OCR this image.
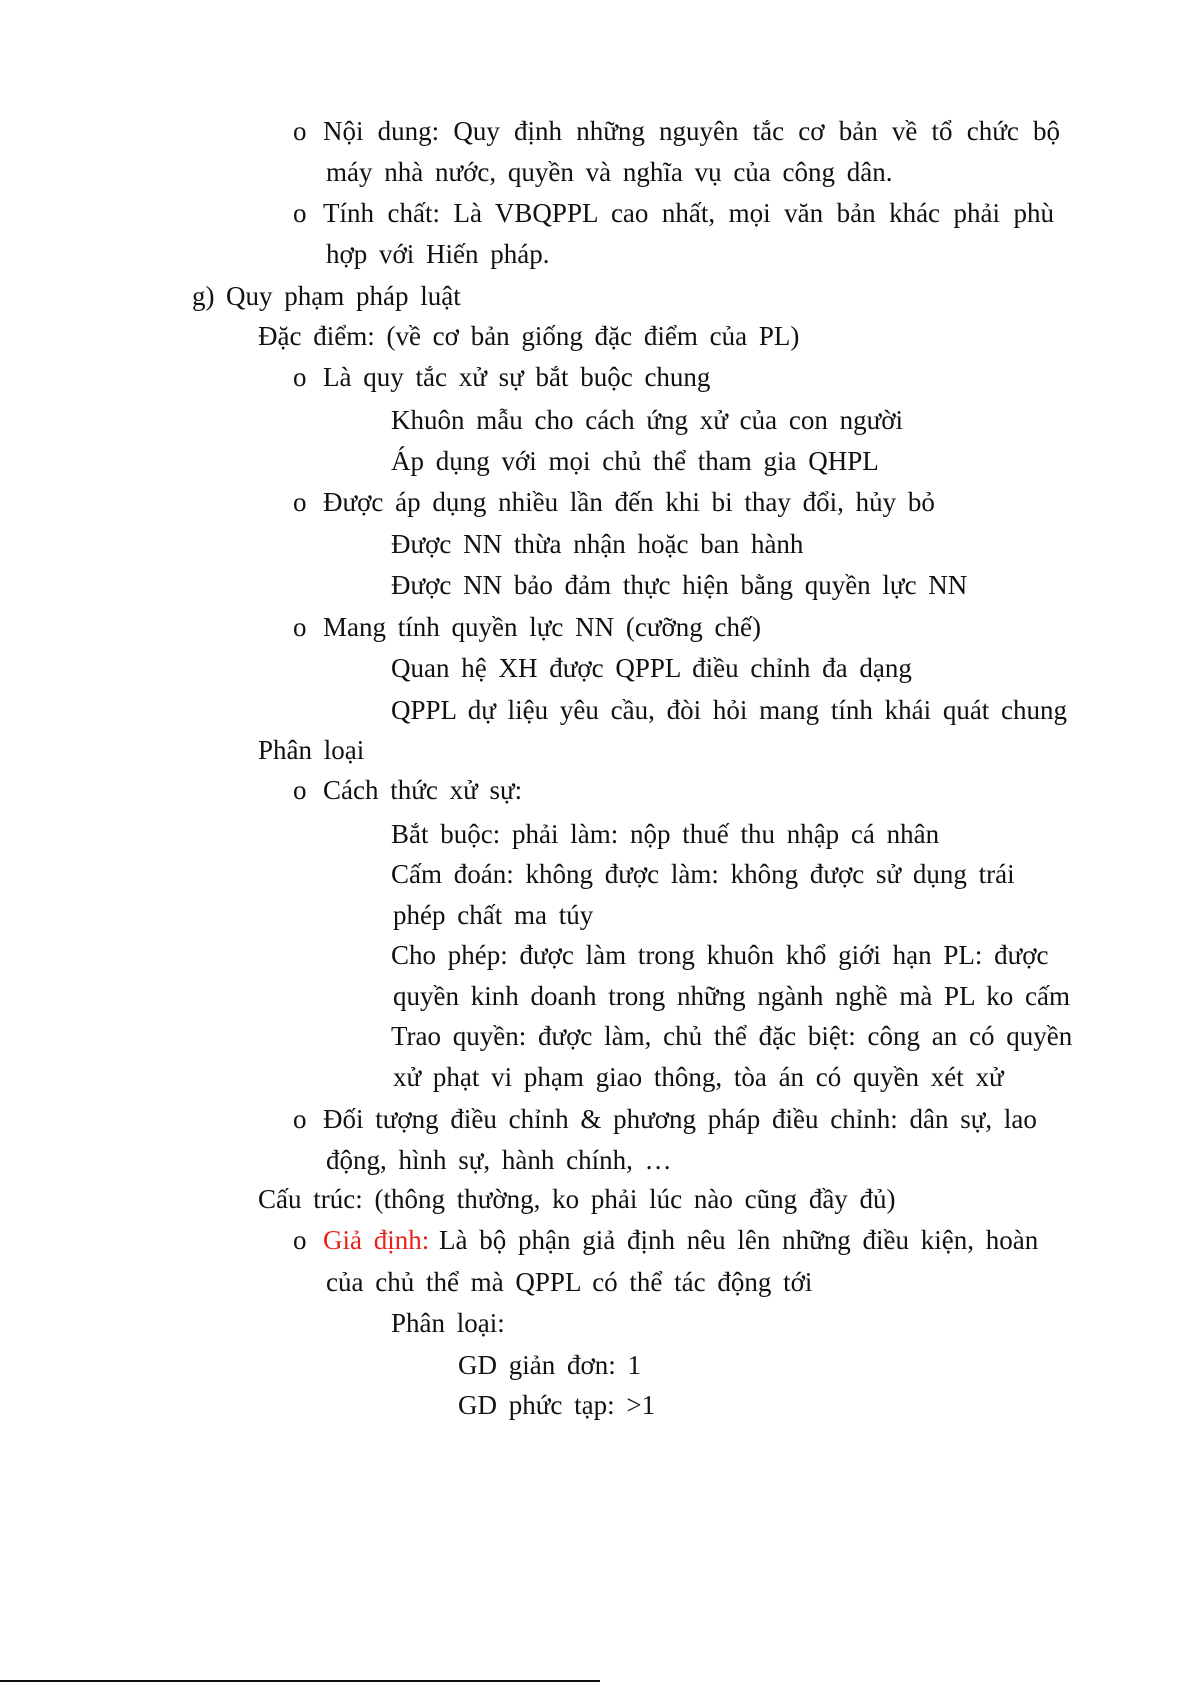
o Nội dung: Quy định những nguyên tắc cơ bản về tổ chức bộ
máy nhà nước, quyền và nghĩa vụ của công dân.
o Tính chất: Là VBQPPL cao nhất, mọi văn bản khác phải phù
hợp với Hiến pháp.
g) Quy phạm pháp luật
Đặc điểm: (về cơ bản giống đặc điểm của PL)
o Là quy tắc xử sự bắt buộc chung
Khuôn mẫu cho cách ứng xử của con người
Áp dụng với mọi chủ thể tham gia QHPL
o Được áp dụng nhiều lần đến khi bi thay đổi, hủy bỏ
Được NN thừa nhận hoặc ban hành
Được NN bảo đảm thực hiện bằng quyền lực NN
o Mang tính quyền lực NN (cưỡng chế)
Quan hệ XH được QPPL điều chỉnh đa dạng
QPPL dự liệu yêu cầu, đòi hỏi mang tính khái quát chung
Phân loại
o Cách thức xử sự:
Bắt buộc: phải làm: nộp thuế thu nhập cá nhân
Cấm đoán: không được làm: không được sử dụng trái
phép chất ma túy
Cho phép: được làm trong khuôn khổ giới hạn PL: được
quyền kinh doanh trong những ngành nghề mà PL ko cấm
Trao quyền: được làm, chủ thể đặc biệt: công an có quyền
xử phạt vi phạm giao thông, tòa án có quyền xét xử
o Đối tượng điều chỉnh & phương pháp điều chỉnh: dân sự, lao
động, hình sự, hành chính, …
Cấu trúc: (thông thường, ko phải lúc nào cũng đầy đủ)
o Giả định: Là bộ phận giả định nêu lên những điều kiện, hoàn
của chủ thể mà QPPL có thể tác động tới
Phân loại:
GD giản đơn: 1
GD phức tạp: >1
